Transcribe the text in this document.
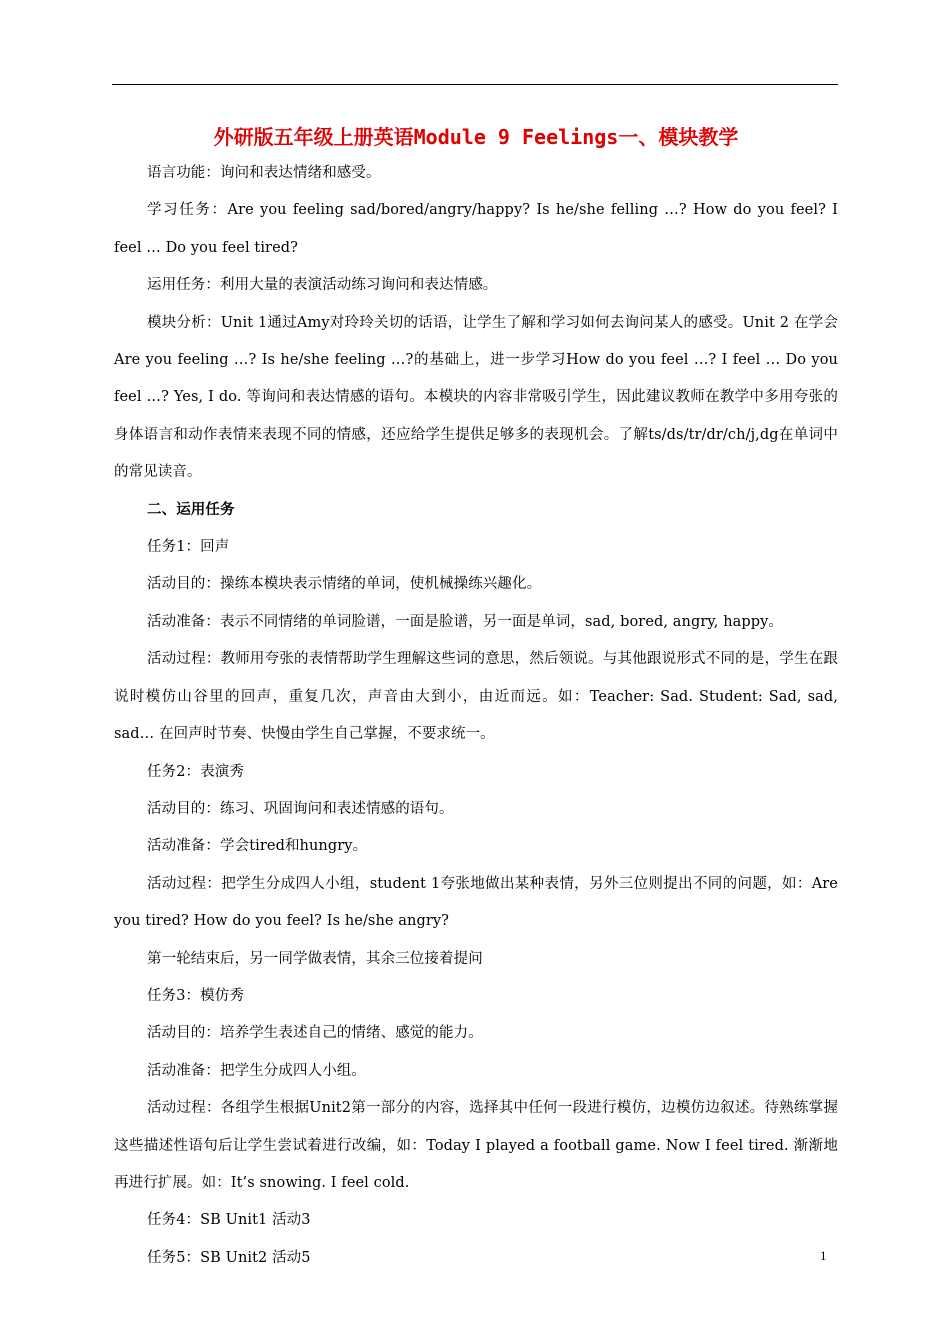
外研版五年级上册英语Module 9 Feelings一、模块教学

语言功能：询问和表达情绪和感受。

学习任务：Are you feeling sad/bored/angry/happy? Is he/she felling …? How do you feel? I feel … Do you feel tired?

运用任务：利用大量的表演活动练习询问和表达情感。

模块分析：Unit 1通过Amy对玲玲关切的话语，让学生了解和学习如何去询问某人的感受。Unit 2 在学会Are you feeling …? Is he/she feeling …?的基础上，进一步学习How do you feel …? I feel … Do you feel …? Yes, I do. 等询问和表达情感的语句。本模块的内容非常吸引学生，因此建议教师在教学中多用夸张的身体语言和动作表情来表现不同的情感，还应给学生提供足够多的表现机会。了解ts/ds/tr/dr/ch/j,dg在单词中的常见读音。

二、运用任务

任务1：回声

活动目的：操练本模块表示情绪的单词，使机械操练兴趣化。

活动准备：表示不同情绪的单词脸谱，一面是脸谱，另一面是单词，sad, bored, angry, happy。

活动过程：教师用夸张的表情帮助学生理解这些词的意思，然后领说。与其他跟说形式不同的是，学生在跟说时模仿山谷里的回声，重复几次，声音由大到小，由近而远。如：Teacher: Sad. Student: Sad, sad, sad… 在回声时节奏、快慢由学生自己掌握，不要求统一。

任务2：表演秀

活动目的：练习、巩固询问和表述情感的语句。

活动准备：学会tired和hungry。

活动过程：把学生分成四人小组，student 1夸张地做出某种表情，另外三位则提出不同的问题，如：Are you tired? How do you feel? Is he/she angry?

第一轮结束后，另一同学做表情，其余三位接着提问

任务3：模仿秀

活动目的：培养学生表述自己的情绪、感觉的能力。

活动准备：把学生分成四人小组。

活动过程：各组学生根据Unit2第一部分的内容，选择其中任何一段进行模仿，边模仿边叙述。待熟练掌握这些描述性语句后让学生尝试着进行改编，如：Today I played a football game. Now I feel tired. 渐渐地再进行扩展。如：It’s snowing. I feel cold.

任务4：SB Unit1 活动3

任务5：SB Unit2 活动5	1
